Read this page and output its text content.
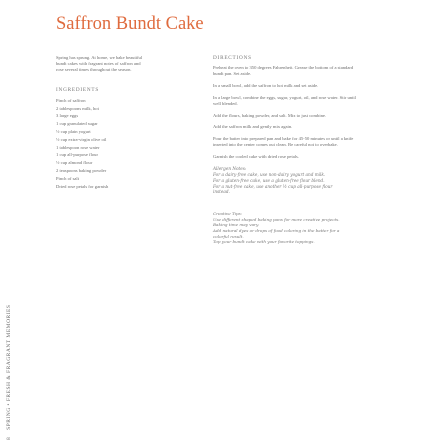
8 SPRING • FRESH & FRAGRANT MEMORIES
Saffron Bundt Cake

Spring has sprung. At home, we bake beautiful bundt cakes with fragrant notes of saffron and rose several times throughout the season.

INGREDIENTS

Pinch of saffron
2 tablespoons milk, hot
3 large eggs
1 cup granulated sugar
½ cup plain yogurt
½ cup extra-virgin olive oil
1 tablespoon rose water
1 cup all-purpose flour
½ cup almond flour
2 teaspoons baking powder
Pinch of salt
Dried rose petals for garnish

DIRECTIONS

Preheat the oven to 350 degrees Fahrenheit. Grease the bottom of a standard bundt pan. Set aside.

In a small bowl, add the saffron to hot milk and set aside.

In a large bowl, combine the eggs, sugar, yogurt, oil, and rose water. Stir until well blended.

Add the flours, baking powder, and salt. Mix to just combine.

Add the saffron milk and gently mix again.

Pour the batter into prepared pan and bake for 45-50 minutes or until a knife inserted into the center comes out clean. Be careful not to overbake.

Garnish the cooled cake with dried rose petals.

Allergen Notes:

For a dairy-free cake, use non-dairy yogurt and milk.

For a gluten-free cake, use a gluten-free flour blend.

For a nut-free cake, use another ½ cup all-purpose flour instead.

Creative Tips:

Use different shaped baking pans for more creative projects.

Baking time may vary.

Add natural dyes or drops of food coloring in the batter for a colorful result.

Top your bundt cake with your favorite toppings.
